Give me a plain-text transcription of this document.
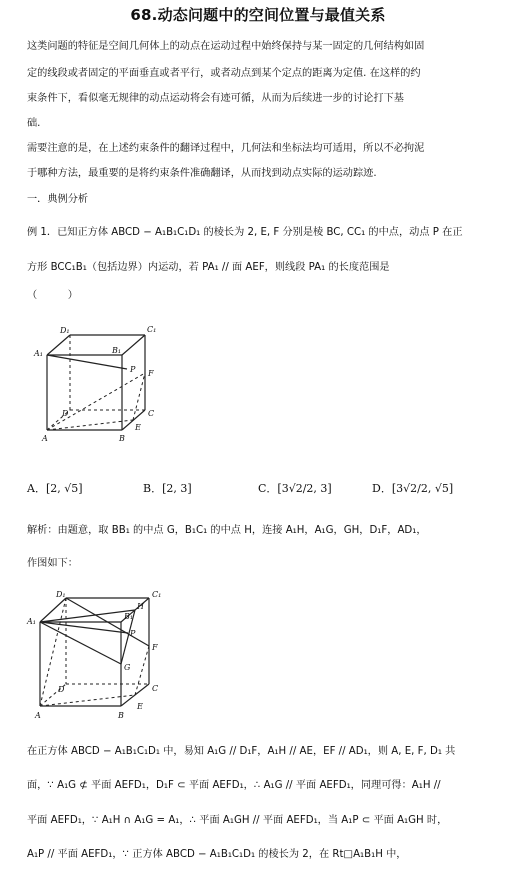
68.动态问题中的空间位置与最值关系
这类问题的特征是空间几何体上的动点在运动过程中始终保持与某一固定的几何结构如固
定的线段或者固定的平面垂直或者平行，或者动点到某个定点的距离为定值. 在这样的约
束条件下，看似毫无规律的动点运动将会有迹可循，从而为后续进一步的讨论打下基
础.
需要注意的是，在上述约束条件的翻译过程中，几何法和坐标法均可适用，所以不必拘泥
于哪种方法，最重要的是将约束条件准确翻译，从而找到动点实际的运动踪迹.
一．典例分析
例 1．已知正方体 ABCD − A₁B₁C₁D₁ 的棱长为 2, E, F 分别是棱 BC, CC₁ 的中点，动点 P 在正
方形 BCC₁B₁（包括边界）内运动，若 PA₁ // 面 AEF，则线段 PA₁ 的长度范围是
（　　　）
D₁	C₁
A₁	B₁
P F
D	C
E
A	B
A．[2, √5]	B．[2, 3]	C．[3√2/2, 3]	D．[3√2/2, √5]
解析：由题意，取 BB₁ 的中点 G，B₁C₁ 的中点 H，连接 A₁H，A₁G，GH，D₁F，AD₁，
作图如下：
D₁	C₁
A₁
B₁
H
P
G
F
D	C
E
A	B
在正方体 ABCD − A₁B₁C₁D₁ 中，易知 A₁G // D₁F，A₁H // AE，EF // AD₁，则 A, E, F, D₁ 共
面，∵ A₁G ⊄ 平面 AEFD₁，D₁F ⊂ 平面 AEFD₁，∴ A₁G // 平面 AEFD₁，同理可得：A₁H //
平面 AEFD₁，∵ A₁H ∩ A₁G = A₁，∴ 平面 A₁GH // 平面 AEFD₁，当 A₁P ⊂ 平面 A₁GH 时，
A₁P // 平面 AEFD₁，∵ 正方体 ABCD − A₁B₁C₁D₁ 的棱长为 2，在 Rt□A₁B₁H 中，
